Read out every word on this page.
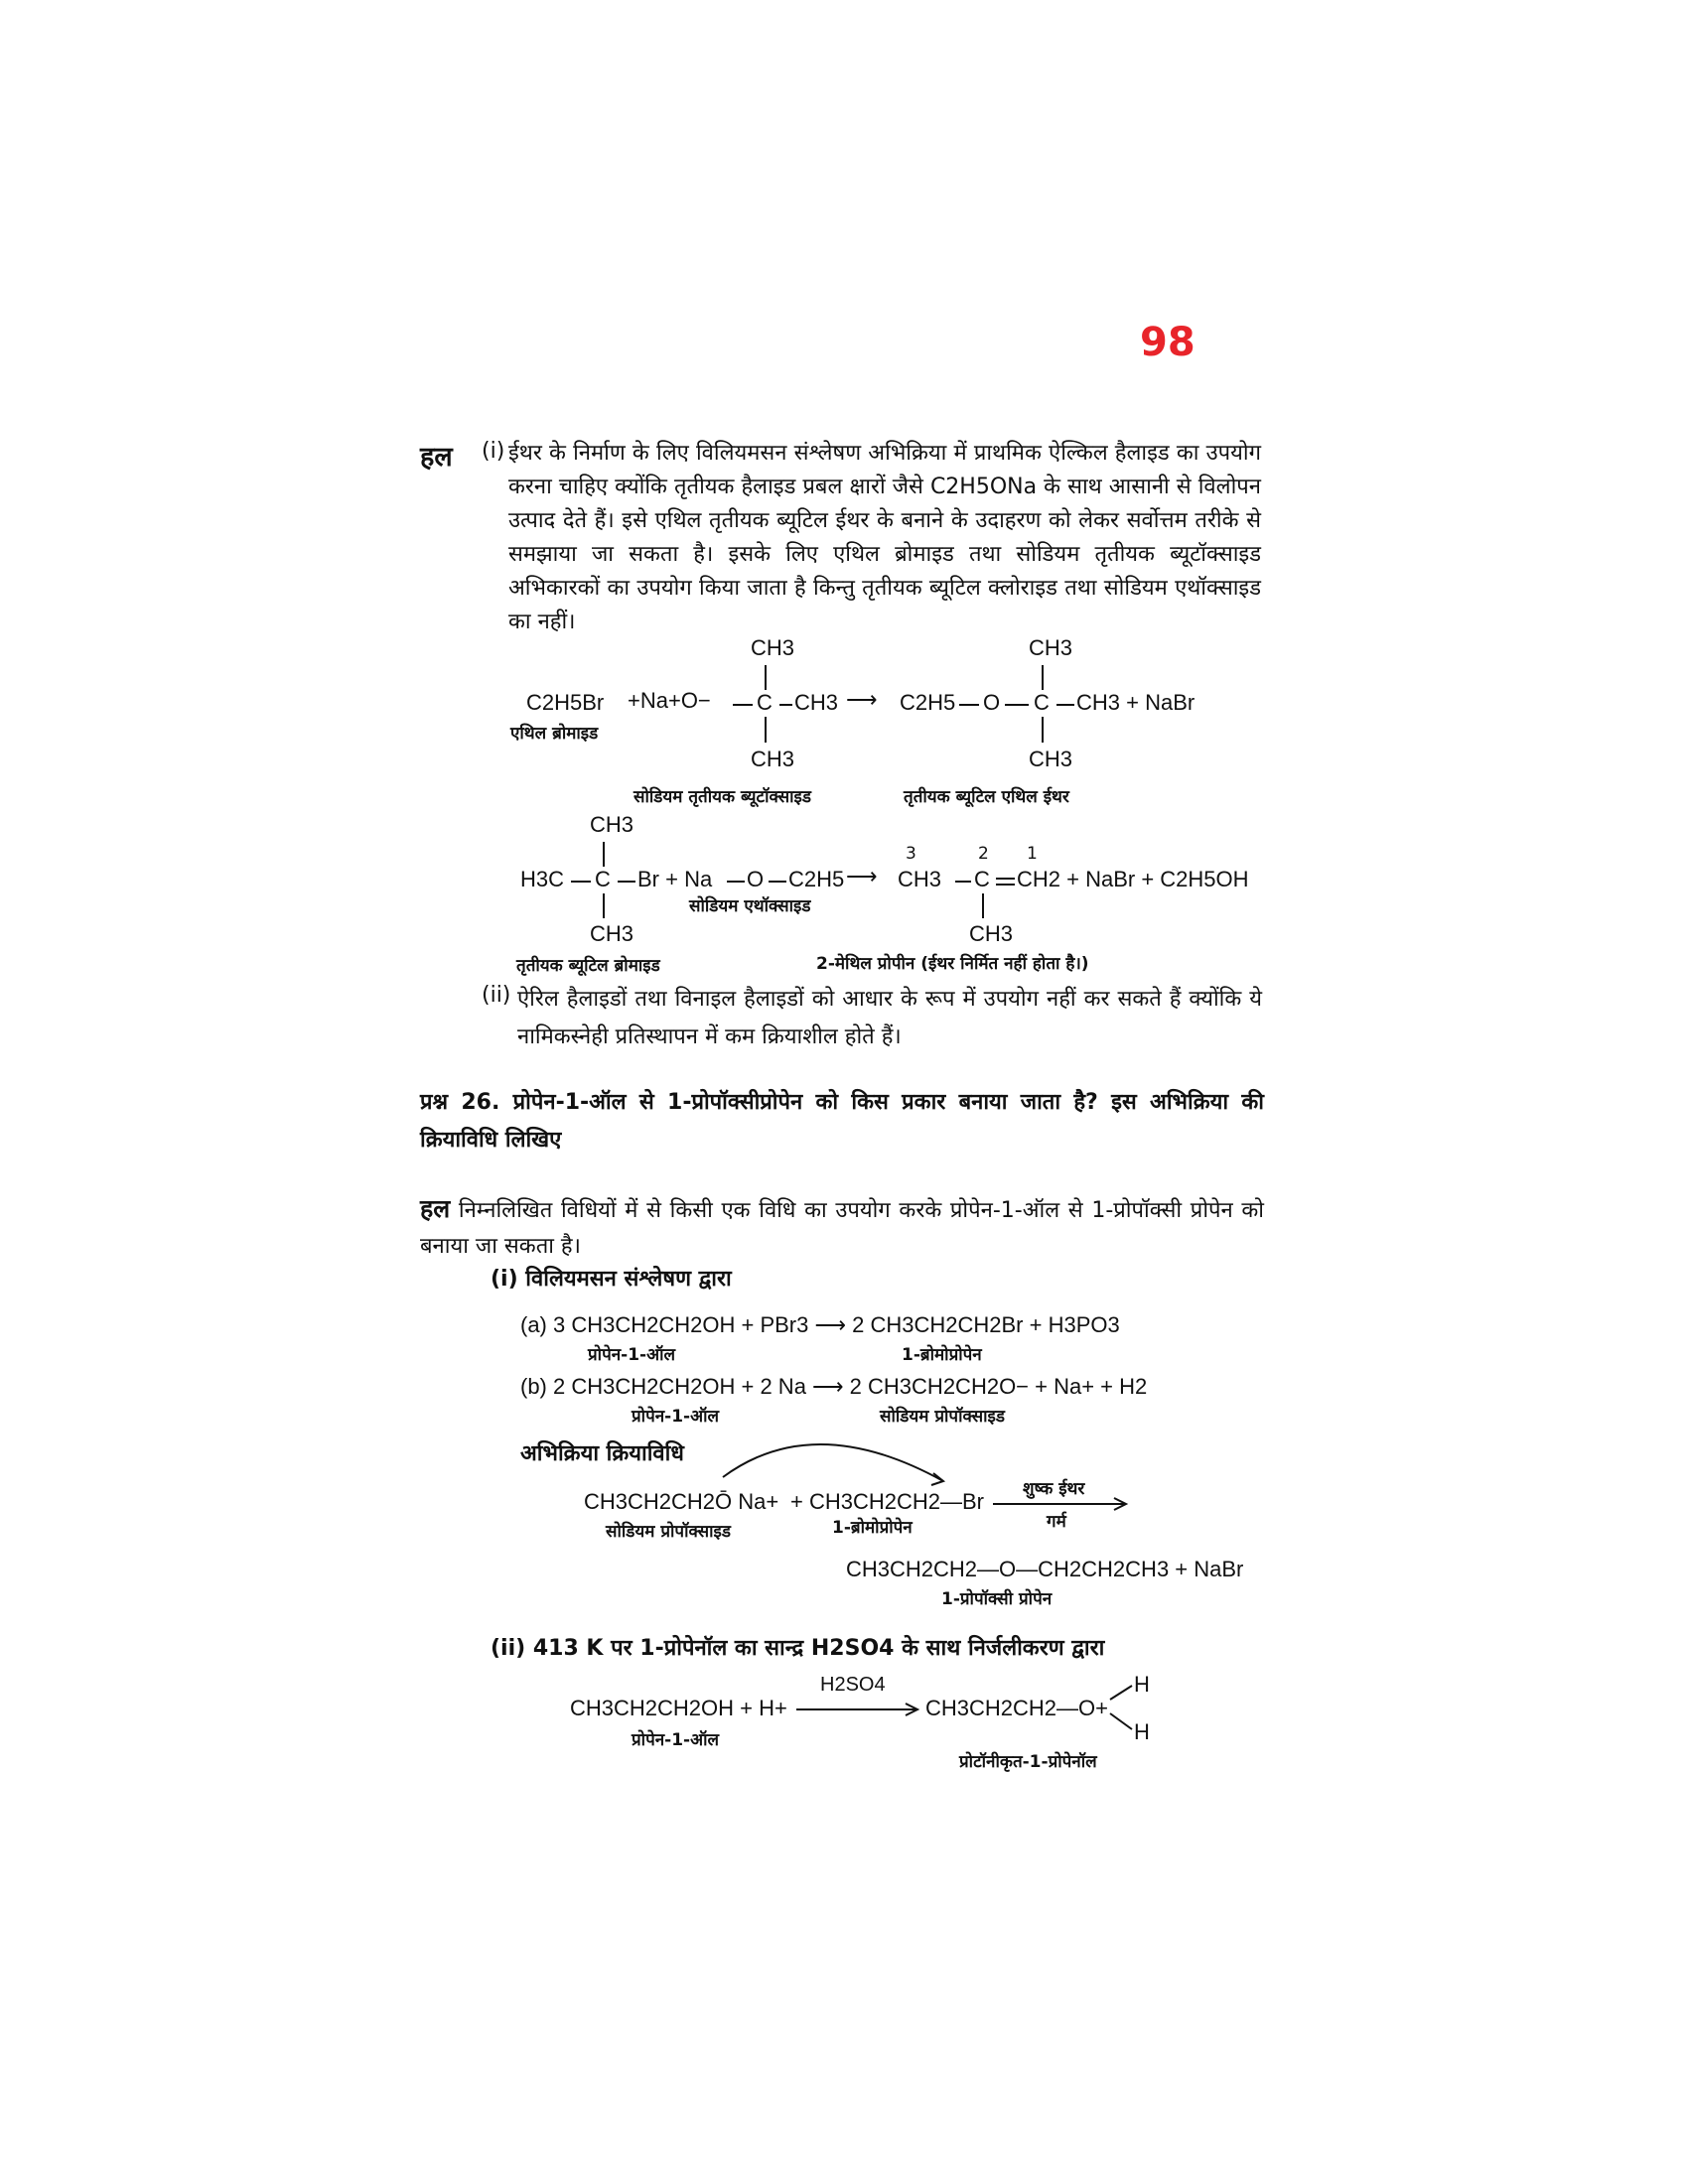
98
हल (i) ईथर के निर्माण के लिए विलियमसन संश्लेषण अभिक्रिया में प्राथमिक ऐल्किल हैलाइड का उपयोग करना चाहिए क्योंकि तृतीयक हैलाइड प्रबल क्षारों जैसे C2H5ONa के साथ आसानी से विलोपन उत्पाद देते हैं। इसे एथिल तृतीयक ब्यूटिल ईथर के बनाने के उदाहरण को लेकर सर्वोत्तम तरीके से समझाया जा सकता है। इसके लिए एथिल ब्रोमाइड तथा सोडियम तृतीयक ब्यूटॉक्साइड अभिकारकों का उपयोग किया जाता है किन्तु तृतीयक ब्यूटिल क्लोराइड तथा सोडियम एथॉक्साइड का नहीं।
CH3
C2H5Br +Na+O− C CH3 ⟶ C2H5 O C CH3 + NaBr
CH3
CH3	CH3
एथिल ब्रोमाइड
सोडियम तृतीयक ब्यूटॉक्साइड	तृतीयक ब्यूटिल एथिल ईथर
CH3
H3C C Br + Na O C2H5 ⟶
सोडियम एथॉक्साइड
CH3
3	2 1
CH3 C CH2 + NaBr + C2H5OH
CH3
तृतीयक ब्यूटिल ब्रोमाइड	2-मेथिल प्रोपीन (ईथर निर्मित नहीं होता है।)
(ii) ऐरिल हैलाइडों तथा विनाइल हैलाइडों को आधार के रूप में उपयोग नहीं कर सकते हैं क्योंकि ये नामिकस्नेही प्रतिस्थापन में कम क्रियाशील होते हैं।
प्रश्न 26. प्रोपेन-1-ऑल से 1-प्रोपॉक्सीप्रोपेन को किस प्रकार बनाया जाता है? इस अभिक्रिया की क्रियाविधि लिखिए
हल निम्नलिखित विधियों में से किसी एक विधि का उपयोग करके प्रोपेन-1-ऑल से 1-प्रोपॉक्सी प्रोपेन को बनाया जा सकता है।
(i) विलियमसन संश्लेषण द्वारा
(a) 3 CH3CH2CH2OH + PBr3 ⟶ 2 CH3CH2CH2Br + H3PO3
प्रोपेन-1-ऑल	1-ब्रोमोप्रोपेन
(b) 2 CH3CH2CH2OH + 2 Na ⟶ 2 CH3CH2CH2O− + Na+ + H2
प्रोपेन-1-ऑल	सोडियम प्रोपॉक्साइड
अभिक्रिया क्रियाविधि
CH3CH2CH2Ō Na+ + CH3CH2CH2—Br शुष्क ईथर
गर्म
सोडियम प्रोपॉक्साइड	1-ब्रोमोप्रोपेन
CH3CH2CH2—O—CH2CH2CH3 + NaBr
1-प्रोपॉक्सी प्रोपेन
(ii) 413 K पर 1-प्रोपेनॉल का सान्द्र H2SO4 के साथ निर्जलीकरण द्वारा
CH3CH2CH2OH + H+
H2SO4
CH3CH2CH2—O+
H
H
प्रोपेन-1-ऑल
प्रोटॉनीकृत-1-प्रोपेनॉल
